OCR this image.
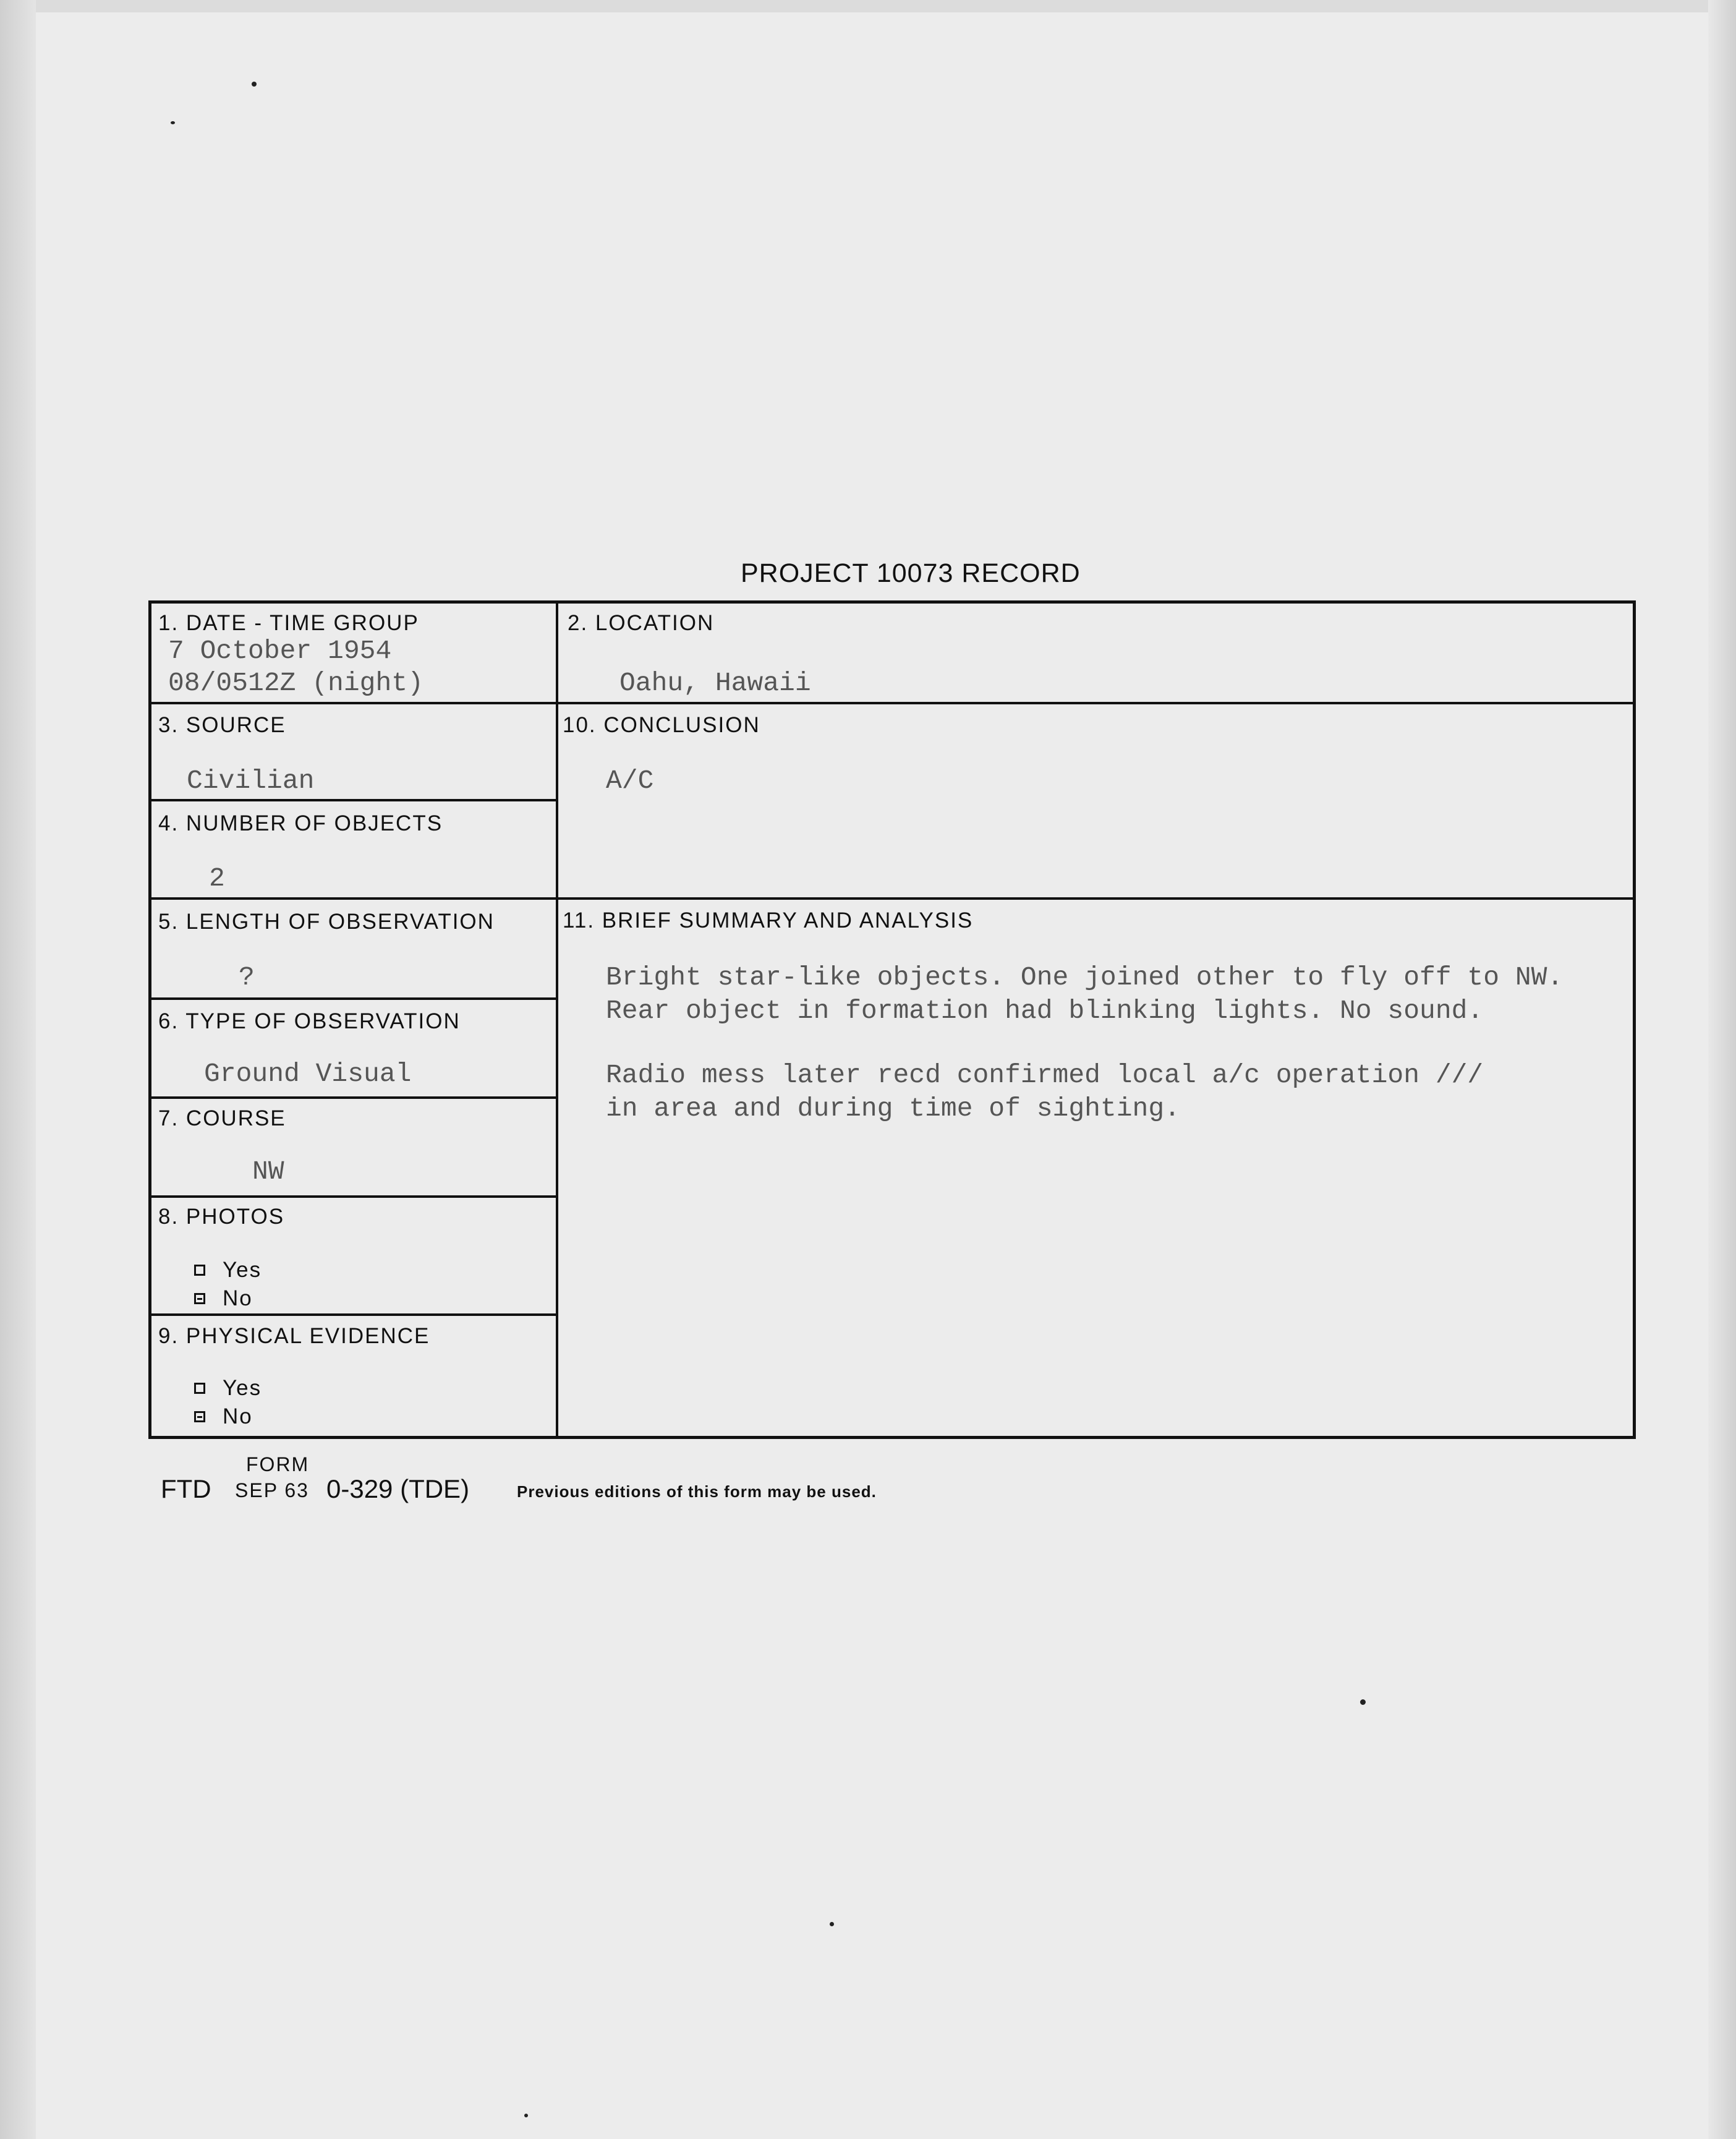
PROJECT 10073 RECORD
1. DATE - TIME GROUP
7 October 1954
08/0512Z (night)
2. LOCATION
Oahu, Hawaii
3. SOURCE
Civilian
10. CONCLUSION
A/C
4. NUMBER OF OBJECTS
2
5. LENGTH OF OBSERVATION
?
11. BRIEF SUMMARY AND ANALYSIS
Bright star-like objects. One joined other to fly off to NW.
Rear object in formation had blinking lights. No sound.
Radio mess later recd confirmed local a/c operation ///
in area and during time of sighting.
6. TYPE OF OBSERVATION
Ground Visual
7. COURSE
NW
8. PHOTOS
Yes
No
9. PHYSICAL EVIDENCE
Yes
No
FORM
FTD SEP 63 0-329 (TDE)	Previous editions of this form may be used.
